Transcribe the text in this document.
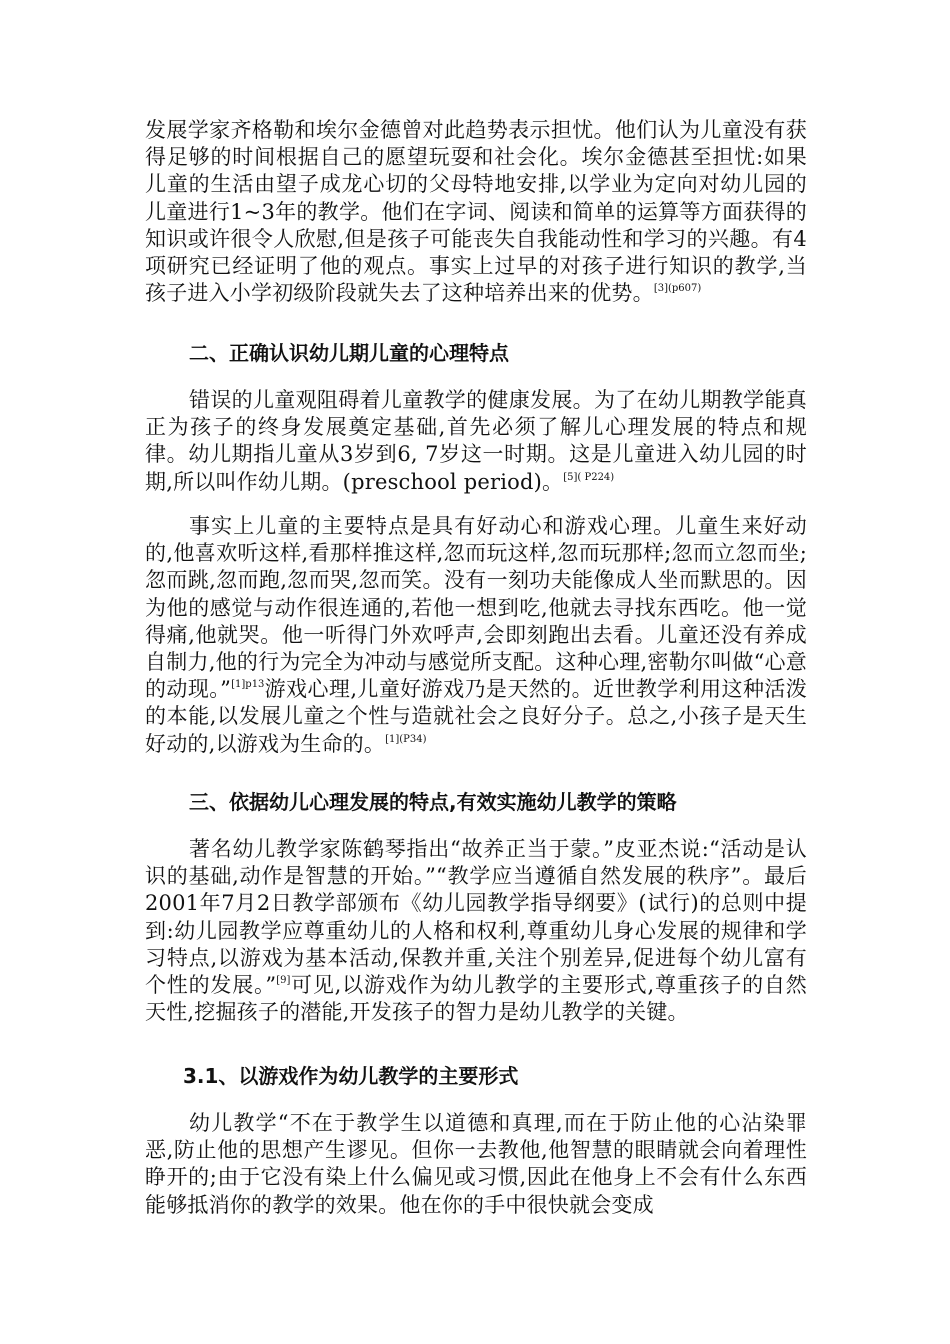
发展学家齐格勒和埃尔金德曾对此趋势表示担忧。他们认为儿童没有获得足够的时间根据自己的愿望玩耍和社会化。埃尔金德甚至担忧:如果儿童的生活由望子成龙心切的父母特地安排,以学业为定向对幼儿园的儿童进行1~3年的教学。他们在字词、阅读和简单的运算等方面获得的知识或许很令人欣慰,但是孩子可能丧失自我能动性和学习的兴趣。有4项研究已经证明了他的观点。事实上过早的对孩子进行知识的教学,当孩子进入小学初级阶段就失去了这种培养出来的优势。$^{[3](p607)}$

二、正确认识幼儿期儿童的心理特点

错误的儿童观阻碍着儿童教学的健康发展。为了在幼儿期教学能真正为孩子的终身发展奠定基础,首先必须了解儿心理发展的特点和规律。幼儿期指儿童从3岁到6, 7岁这一时期。这是儿童进入幼儿园的时期,所以叫作幼儿期。(preschool period)。$^{[5]( P224)}$

事实上儿童的主要特点是具有好动心和游戏心理。儿童生来好动的,他喜欢听这样,看那样推这样,忽而玩这样,忽而玩那样;忽而立忽而坐;忽而跳,忽而跑,忽而哭,忽而笑。没有一刻功夫能像成人坐而默思的。因为他的感觉与动作很连通的,若他一想到吃,他就去寻找东西吃。他一觉得痛,他就哭。他一听得门外欢呼声,会即刻跑出去看。儿童还没有养成自制力,他的行为完全为冲动与感觉所支配。这种心理,密勒尔叫做“心意的动现。”$^{[1]p13}$游戏心理,儿童好游戏乃是天然的。近世教学利用这种活泼的本能,以发展儿童之个性与造就社会之良好分子。总之,小孩子是天生好动的,以游戏为生命的。$^{[1](P34)}$

三、依据幼儿心理发展的特点,有效实施幼儿教学的策略

著名幼儿教学家陈鹤琴指出“故养正当于蒙。”皮亚杰说:“活动是认识的基础,动作是智慧的开始。”“教学应当遵循自然发展的秩序”。最后2001年7月2日教学部颁布《幼儿园教学指导纲要》(试行)的总则中提到:幼儿园教学应尊重幼儿的人格和权利,尊重幼儿身心发展的规律和学习特点,以游戏为基本活动,保教并重,关注个别差异,促进每个幼儿富有个性的发展。”[9]可见,以游戏作为幼儿教学的主要形式,尊重孩子的自然天性,挖掘孩子的潜能,开发孩子的智力是幼儿教学的关键。

3.1、以游戏作为幼儿教学的主要形式

幼儿教学“不在于教学生以道德和真理,而在于防止他的心沾染罪恶,防止他的思想产生谬见。但你一去教他,他智慧的眼睛就会向着理性睁开的;由于它没有染上什么偏见或习惯,因此在他身上不会有什么东西能够抵消你的教学的效果。他在你的手中很快就会变成
